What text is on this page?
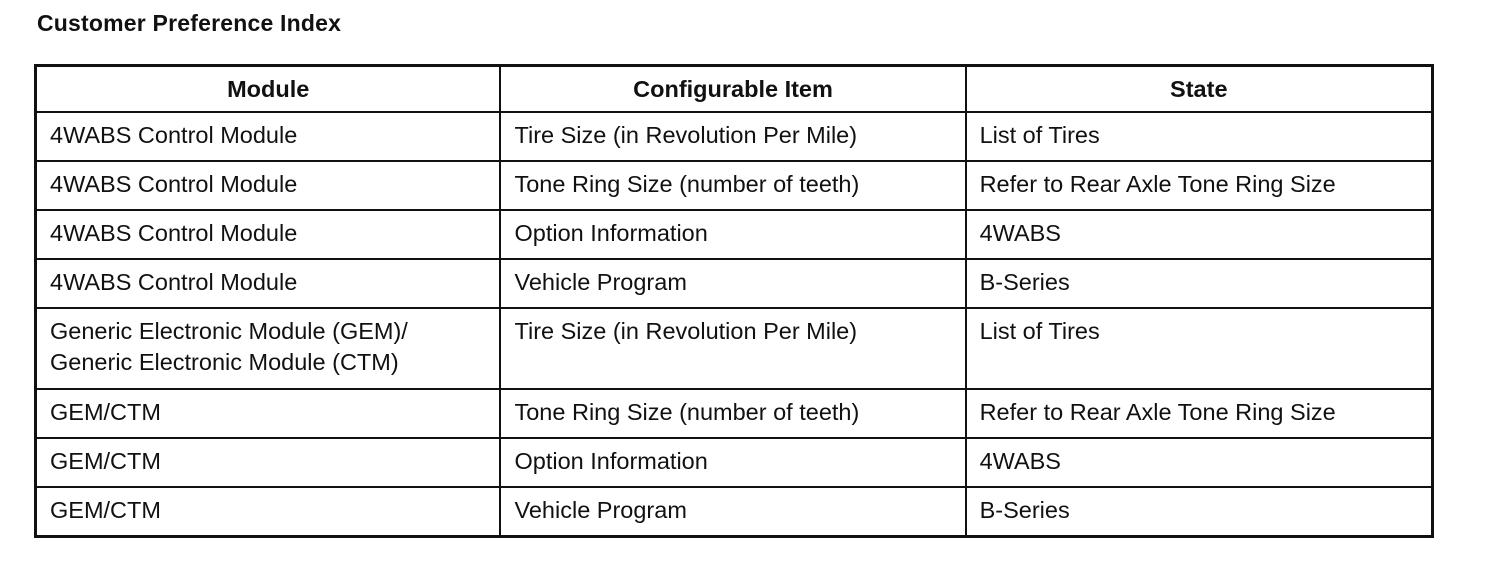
Customer Preference Index
Module	Configurable Item	State
4WABS Control Module	Tire Size (in Revolution Per Mile)	List of Tires
4WABS Control Module	Tone Ring Size (number of teeth)	Refer to Rear Axle Tone Ring Size
4WABS Control Module	Option Information	4WABS
4WABS Control Module	Vehicle Program	B-Series

Generic Electronic Module (GEM)/
Generic Electronic Module (CTM)	Tire Size (in Revolution Per Mile)	List of Tires
GEM/CTM	Tone Ring Size (number of teeth)	Refer to Rear Axle Tone Ring Size
GEM/CTM	Option Information	4WABS
GEM/CTM	Vehicle Program	B-Series
